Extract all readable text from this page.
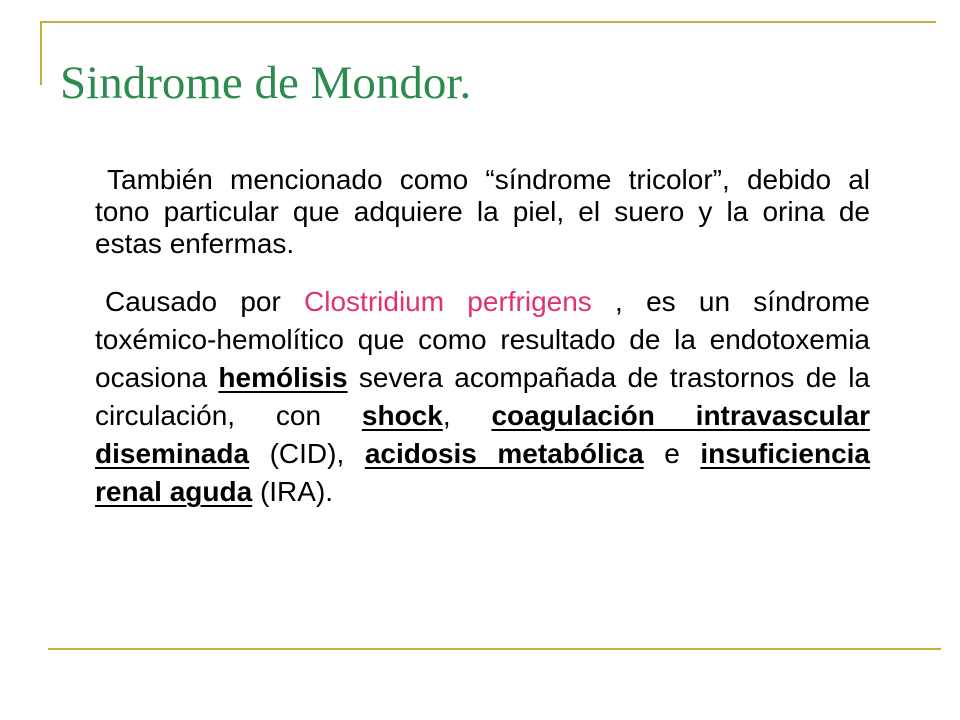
Sindrome de Mondor.

También mencionado como “síndrome tricolor”, debido al tono particular que adquiere la piel, el suero y la orina de estas enfermas.

Causado por Clostridium perfrigens , es un síndrome toxémico-hemolítico que como resultado de la endotoxemia ocasiona hemólisis severa acompañada de trastornos de la circulación, con shock, coagulación intravascular diseminada (CID), acidosis metabólica e insuficiencia renal aguda (IRA).
